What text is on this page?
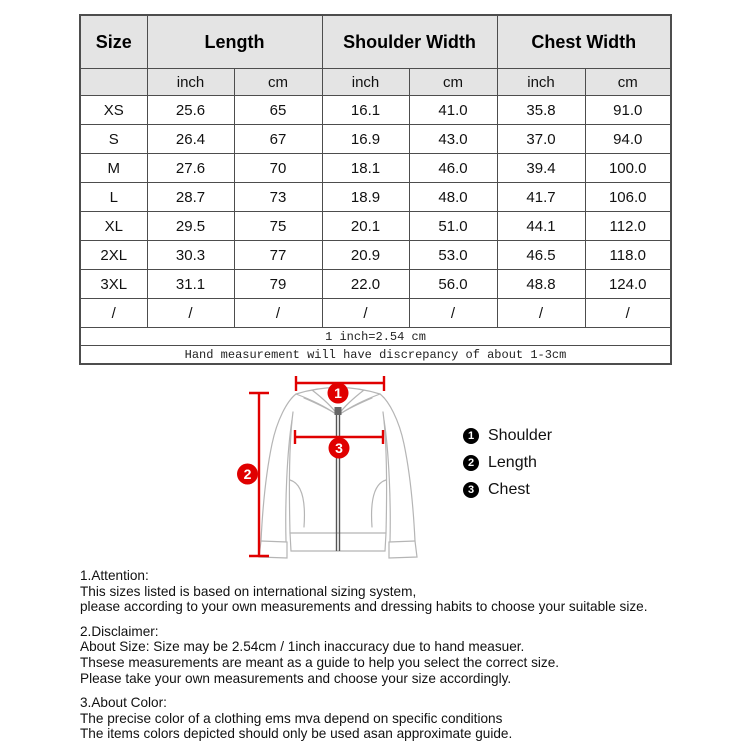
Size	Length		Shoulder Width		Chest Width	
	inch	cm	inch	cm	inch	cm
XS	25.6	65	16.1	41.0	35.8	91.0
S	26.4	67	16.9	43.0	37.0	94.0
M	27.6	70	18.1	46.0	39.4	100.0
L	28.7	73	18.9	48.0	41.7	106.0
XL	29.5	75	20.1	51.0	44.1	112.0
2XL	30.3	77	20.9	53.0	46.5	118.0
3XL	31.1	79	22.0	56.0	48.8	124.0
/	/	/	/	/	/	/
1 inch=2.54 cm						
Hand measurement will have discrepancy of about 1-3cm						
1
2
3
1 Shoulder
2 Length
3 Chest
1.Attention:
This sizes listed is based on international sizing system,
please according to your own measurements and dressing habits to choose your suitable size.
2.Disclaimer:
About Size: Size may be 2.54cm / 1inch inaccuracy due to hand measuer.
Thsese measurements are meant as a guide to help you select the correct size.
Please take your own measurements and choose your size accordingly.
3.About Color:
The precise color of a clothing ems mva depend on specific conditions
The items colors depicted should only be used asan approximate guide.
